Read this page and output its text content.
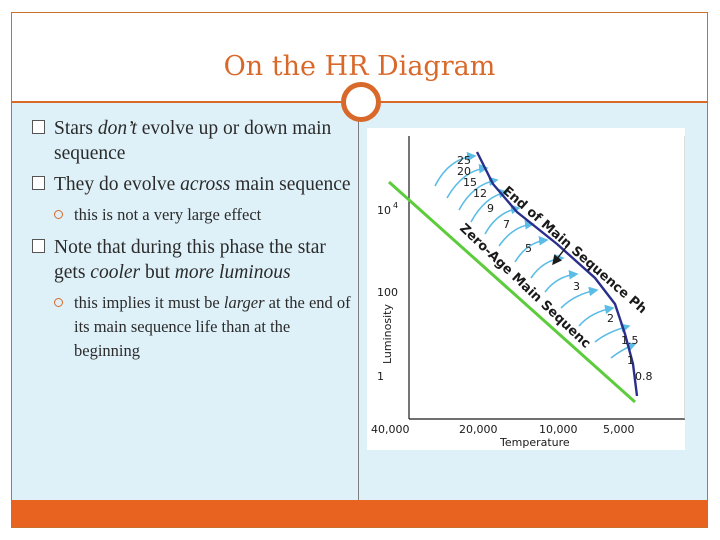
On the HR Diagram
Stars don’t evolve up or down main sequence
They do evolve across main sequence
this is not a very large effect
Note that during this phase the star gets cooler but more luminous
this implies it must be larger at the end of its main sequence life than at the beginning
10 4
100
1
Luminosity
40,000	20,000	10,000 5,000
Temperature
25
20
15
12
9
7
5
3
2
1.5
1
0.8
Zero-Age Main Sequenc
End of Main Sequence Ph
